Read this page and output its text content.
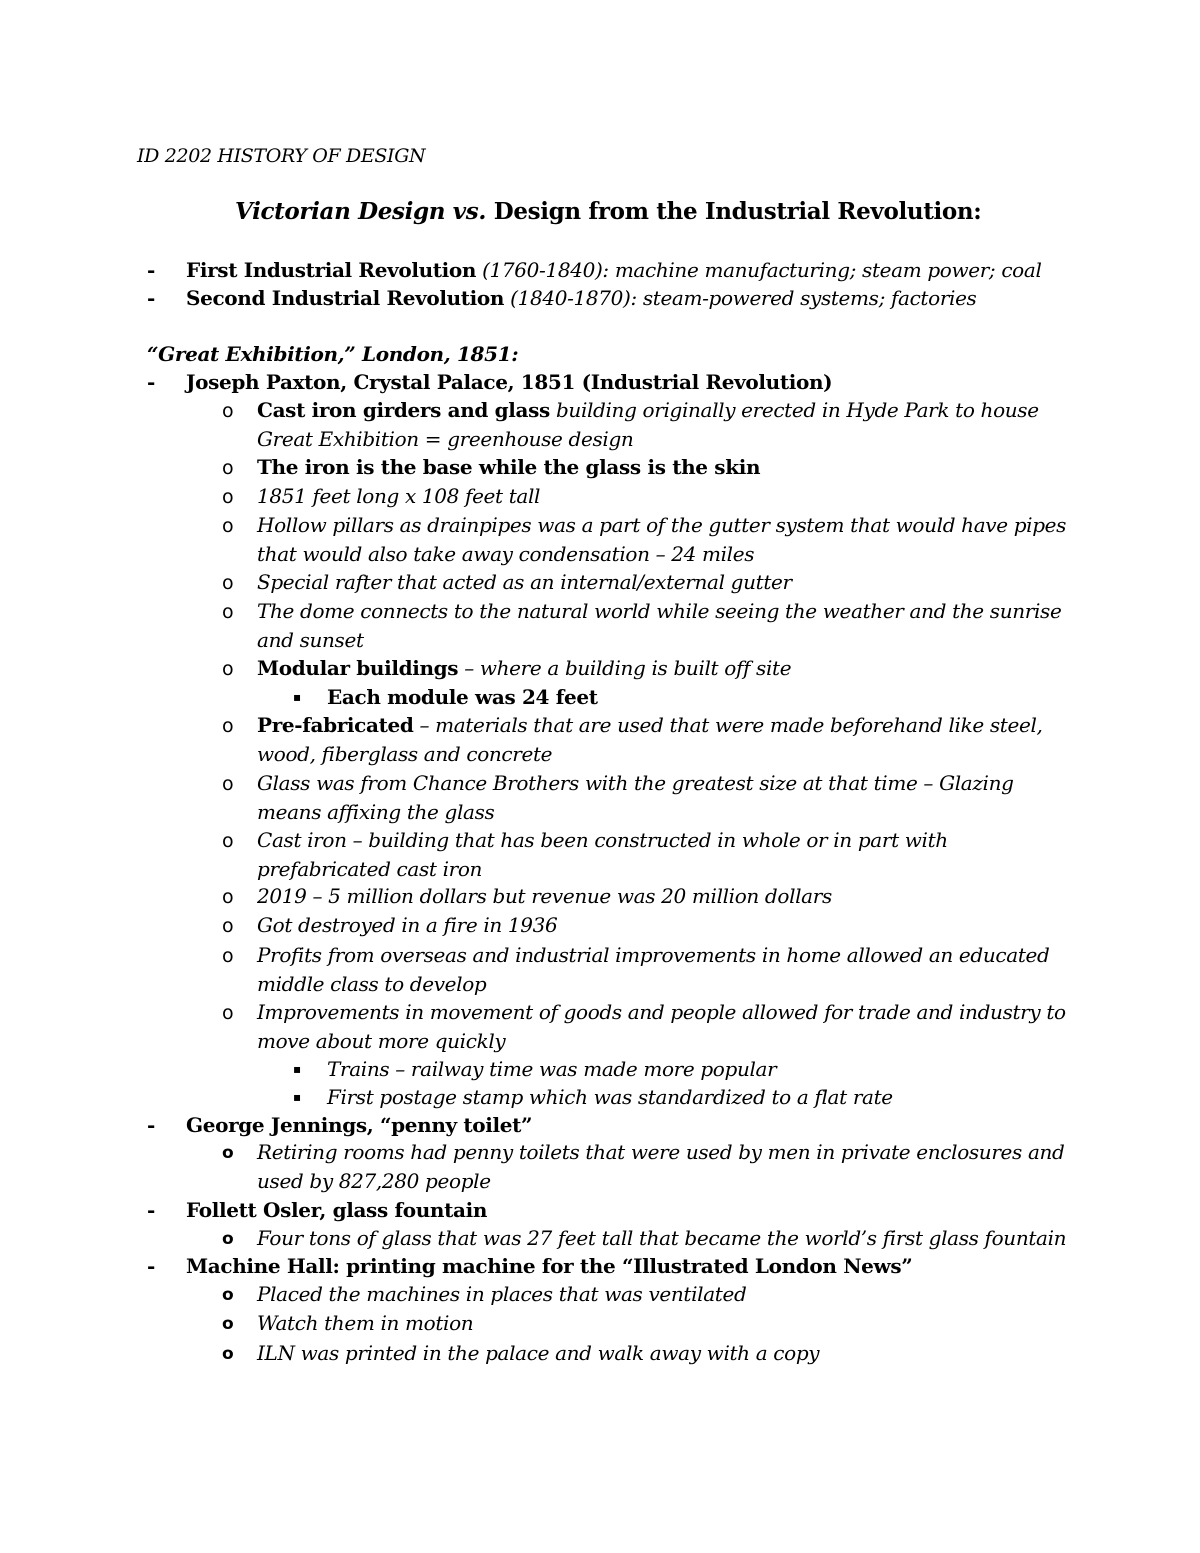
ID 2202 HISTORY OF DESIGN
Victorian Design vs. Design from the Industrial Revolution:
- First Industrial Revolution (1760-1840): machine manufacturing; steam power; coal
- Second Industrial Revolution (1840-1870): steam-powered systems; factories
“Great Exhibition,” London, 1851:
- Joseph Paxton, Crystal Palace, 1851 (Industrial Revolution)
o Cast iron girders and glass building originally erected in Hyde Park to house
Great Exhibition = greenhouse design
o The iron is the base while the glass is the skin
o 1851 feet long x 108 feet tall
o Hollow pillars as drainpipes was a part of the gutter system that would have pipes
that would also take away condensation – 24 miles
o Special rafter that acted as an internal/external gutter
o The dome connects to the natural world while seeing the weather and the sunrise
and sunset
o Modular buildings – where a building is built off site
▪ Each module was 24 feet
o Pre-fabricated – materials that are used that were made beforehand like steel,
wood, fiberglass and concrete
o Glass was from Chance Brothers with the greatest size at that time – Glazing
means affixing the glass
o Cast iron – building that has been constructed in whole or in part with
prefabricated cast iron
o 2019 – 5 million dollars but revenue was 20 million dollars
o Got destroyed in a fire in 1936
o Profits from overseas and industrial improvements in home allowed an educated
middle class to develop
o Improvements in movement of goods and people allowed for trade and industry to
move about more quickly
▪ Trains – railway time was made more popular
▪ First postage stamp which was standardized to a flat rate
- George Jennings, “penny toilet”
o Retiring rooms had penny toilets that were used by men in private enclosures and
used by 827,280 people
- Follett Osler, glass fountain
o Four tons of glass that was 27 feet tall that became the world’s first glass fountain
- Machine Hall: printing machine for the “Illustrated London News”
o Placed the machines in places that was ventilated
o Watch them in motion
o ILN was printed in the palace and walk away with a copy
